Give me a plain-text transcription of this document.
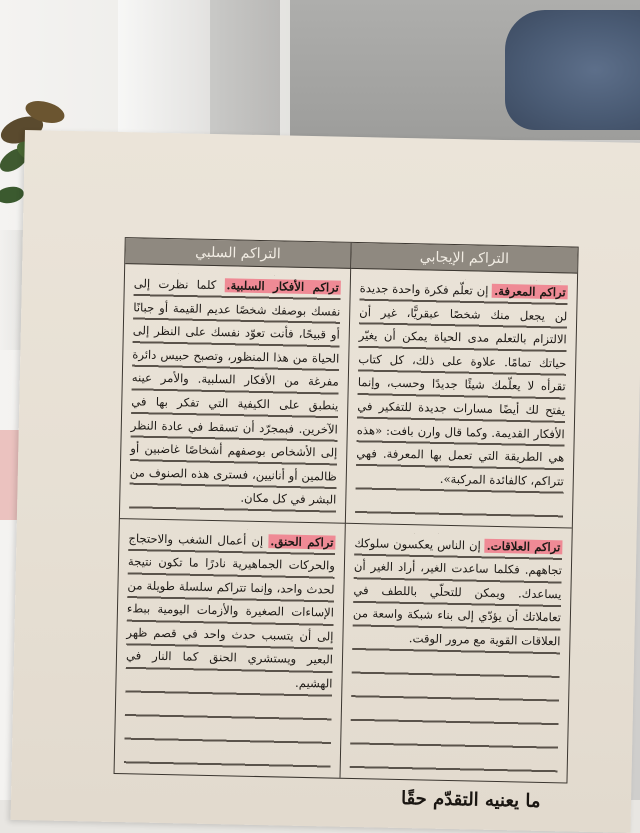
التراكم السلبي	التراكم الإيجابي
تراكم الأفكار السلبية. كلما نظرت إلى نفسك بوصفك شخصًا عديم القيمة أو جبانًا أو قبيحًا، فأنت تعوّد نفسك على النظر إلى الحياة من هذا المنظور، وتصبح حبيس دائرة مفرغة من الأفكار السلبية. والأمر عينه ينطبق على الكيفية التي تفكر بها في الآخرين. فبمجرّد أن تسقط في عادة النظر إلى الأشخاص بوصفهم أشخاصًا غاضبين أو ظالمين أو أنانيين، فسترى هذه الصنوف من البشر في كل مكان.
تراكم المعرفة. إن تعلّم فكرة واحدة جديدة لن يجعل منك شخصًا عبقريًّا، غير أن الالتزام بالتعلم مدى الحياة يمكن أن يغيّر حياتك تمامًا. علاوة على ذلك، كل كتاب تقرأه لا يعلّمك شيئًا جديدًا وحسب، وإنما يفتح لك أيضًا مسارات جديدة للتفكير في الأفكار القديمة. وكما قال وارن بافت: «هذه هي الطريقة التي تعمل بها المعرفة. فهي تتراكم، كالفائدة المركبة».
تراكم الحنق. إن أعمال الشغب والاحتجاج والحركات الجماهيرية نادرًا ما تكون نتيجة لحدث واحد، وإنما تتراكم سلسلة طويلة من الإساءات الصغيرة والأزمات اليومية ببطء إلى أن يتسبب حدث واحد في قصم ظهر البعير ويستشري الحنق كما النار في الهشيم.
تراكم العلاقات. إن الناس يعكسون سلوكك تجاههم. فكلما ساعدت الغير، أراد الغير أن يساعدك. ويمكن للتحلّي باللطف في تعاملاتك أن يؤدّي إلى بناء شبكة واسعة من العلاقات القوية مع مرور الوقت.
ما يعنيه التقدّم حقًا
